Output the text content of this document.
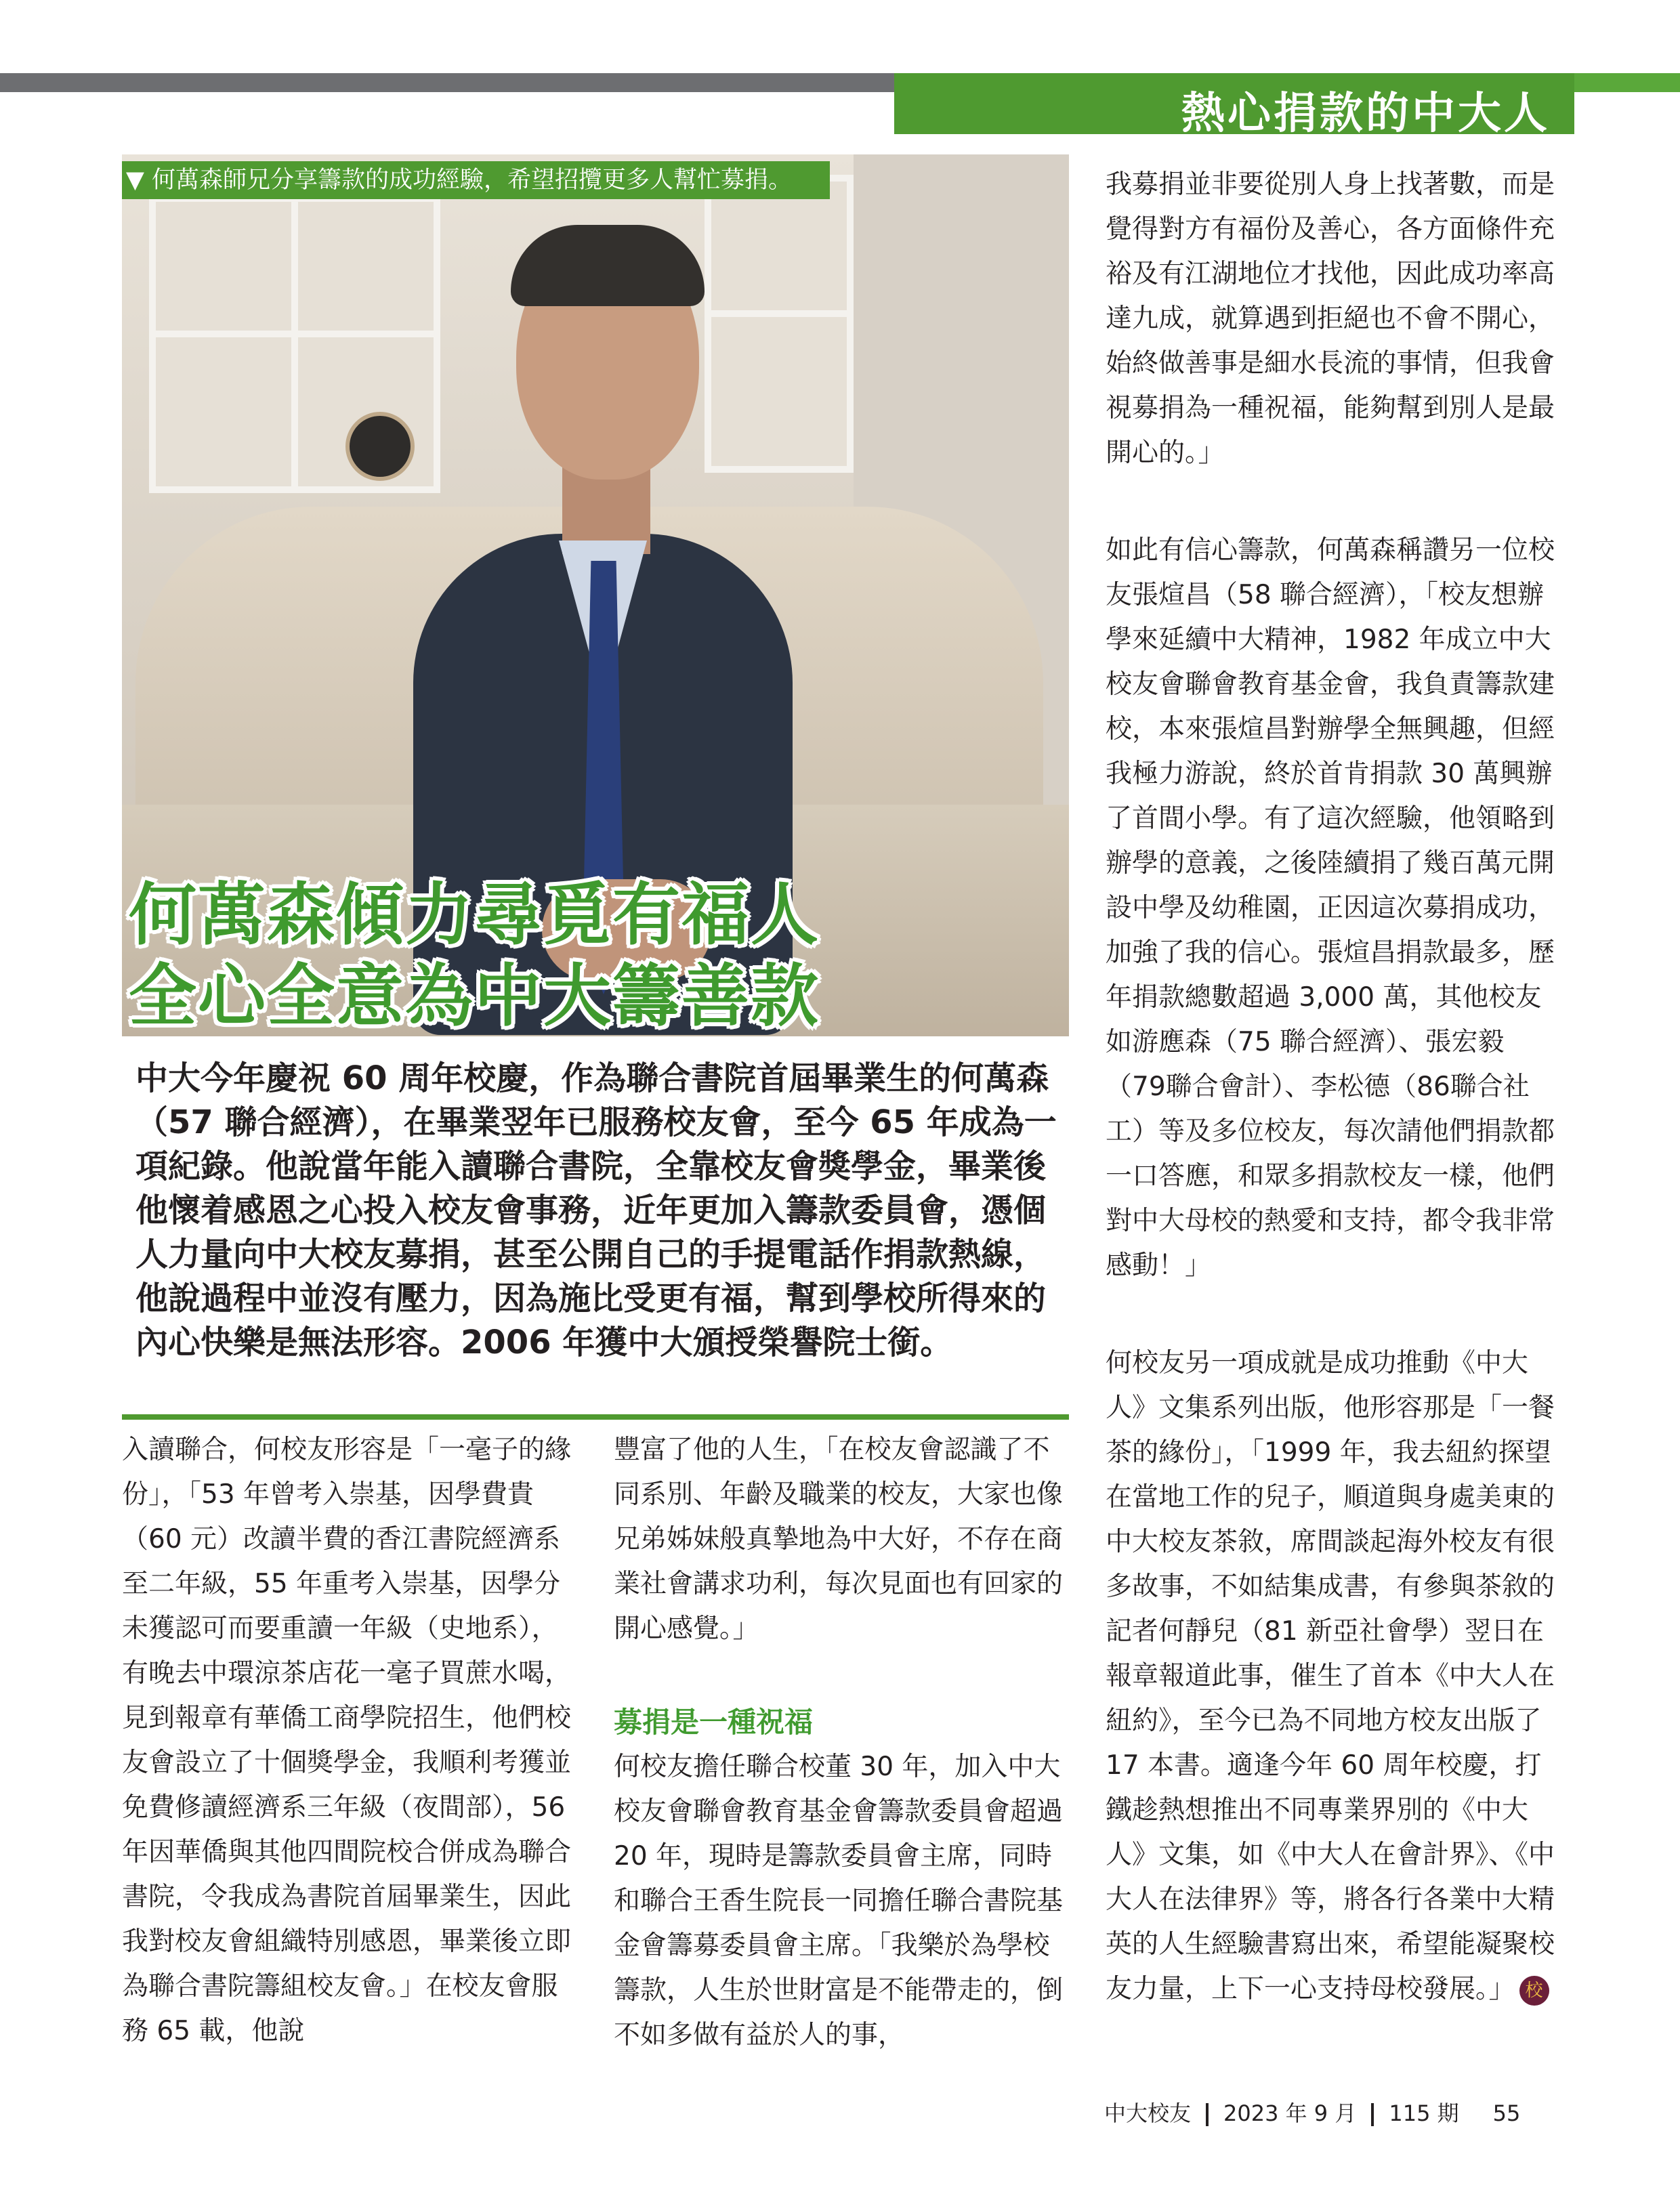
熱心捐款的中大人
▼ 何萬森師兄分享籌款的成功經驗，希望招攬更多人幫忙募捐。
何萬森傾力尋覓有福人
全心全意為中大籌善款
中大今年慶祝 60 周年校慶，作為聯合書院首屆畢業生的何萬森（57 聯合經濟），在畢業翌年已服務校友會，至今 65 年成為一項紀錄。他說當年能入讀聯合書院，全靠校友會獎學金，畢業後他懷着感恩之心投入校友會事務，近年更加入籌款委員會，憑個人力量向中大校友募捐，甚至公開自己的手提電話作捐款熱線，他說過程中並沒有壓力，因為施比受更有福，幫到學校所得來的內心快樂是無法形容。2006 年獲中大頒授榮譽院士銜。

入讀聯合，何校友形容是「一毫子的緣份」，「53 年曾考入崇基，因學費貴（60 元）改讀半費的香江書院經濟系至二年級，55 年重考入崇基，因學分未獲認可而要重讀一年級（史地系），有晚去中環涼茶店花一毫子買蔗水喝，見到報章有華僑工商學院招生，他們校友會設立了十個獎學金，我順利考獲並免費修讀經濟系三年級（夜間部），56 年因華僑與其他四間院校合併成為聯合書院，令我成為書院首屆畢業生，因此我對校友會組織特別感恩，畢業後立即為聯合書院籌組校友會。」在校友會服務 65 載，他說

豐富了他的人生，「在校友會認識了不同系別、年齡及職業的校友，大家也像兄弟姊妹般真摯地為中大好，不存在商業社會講求功利，每次見面也有回家的開心感覺。」

募捐是一種祝福

何校友擔任聯合校董 30 年，加入中大校友會聯會教育基金會籌款委員會超過 20 年，現時是籌款委員會主席，同時和聯合王香生院長一同擔任聯合書院基金會籌募委員會主席。「我樂於為學校籌款，人生於世財富是不能帶走的，倒不如多做有益於人的事，

我募捐並非要從別人身上找著數，而是覺得對方有福份及善心，各方面條件充裕及有江湖地位才找他，因此成功率高達九成，就算遇到拒絕也不會不開心，始終做善事是細水長流的事情，但我會視募捐為一種祝福，能夠幫到別人是最開心的。」

如此有信心籌款，何萬森稱讚另一位校友張煊昌（58 聯合經濟），「校友想辦學來延續中大精神，1982 年成立中大校友會聯會教育基金會，我負責籌款建校，本來張煊昌對辦學全無興趣，但經我極力游說，終於首肯捐款 30 萬興辦了首間小學。有了這次經驗，他領略到辦學的意義，之後陸續捐了幾百萬元開設中學及幼稚園，正因這次募捐成功，加強了我的信心。張煊昌捐款最多，歷年捐款總數超過 3,000 萬，其他校友如游應森（75 聯合經濟）、張宏毅（79聯合會計）、李松德（86聯合社工）等及多位校友，每次請他們捐款都一口答應，和眾多捐款校友一樣，他們對中大母校的熱愛和支持，都令我非常感動！」

何校友另一項成就是成功推動《中大人》文集系列出版，他形容那是「一餐茶的緣份」，「1999 年，我去紐約探望在當地工作的兒子，順道與身處美東的中大校友茶敘，席間談起海外校友有很多故事，不如結集成書，有參與茶敘的記者何靜兒（81 新亞社會學）翌日在報章報道此事，催生了首本《中大人在紐約》，至今已為不同地方校友出版了 17 本書。適逢今年 60 周年校慶，打鐵趁熱想推出不同專業界別的《中大人》文集，如《中大人在會計界》、《中大人在法律界》等，將各行各業中大精英的人生經驗書寫出來，希望能凝聚校友力量，上下一心支持母校發展。」 校

中大校友 2023 年 9 月 115 期 55
